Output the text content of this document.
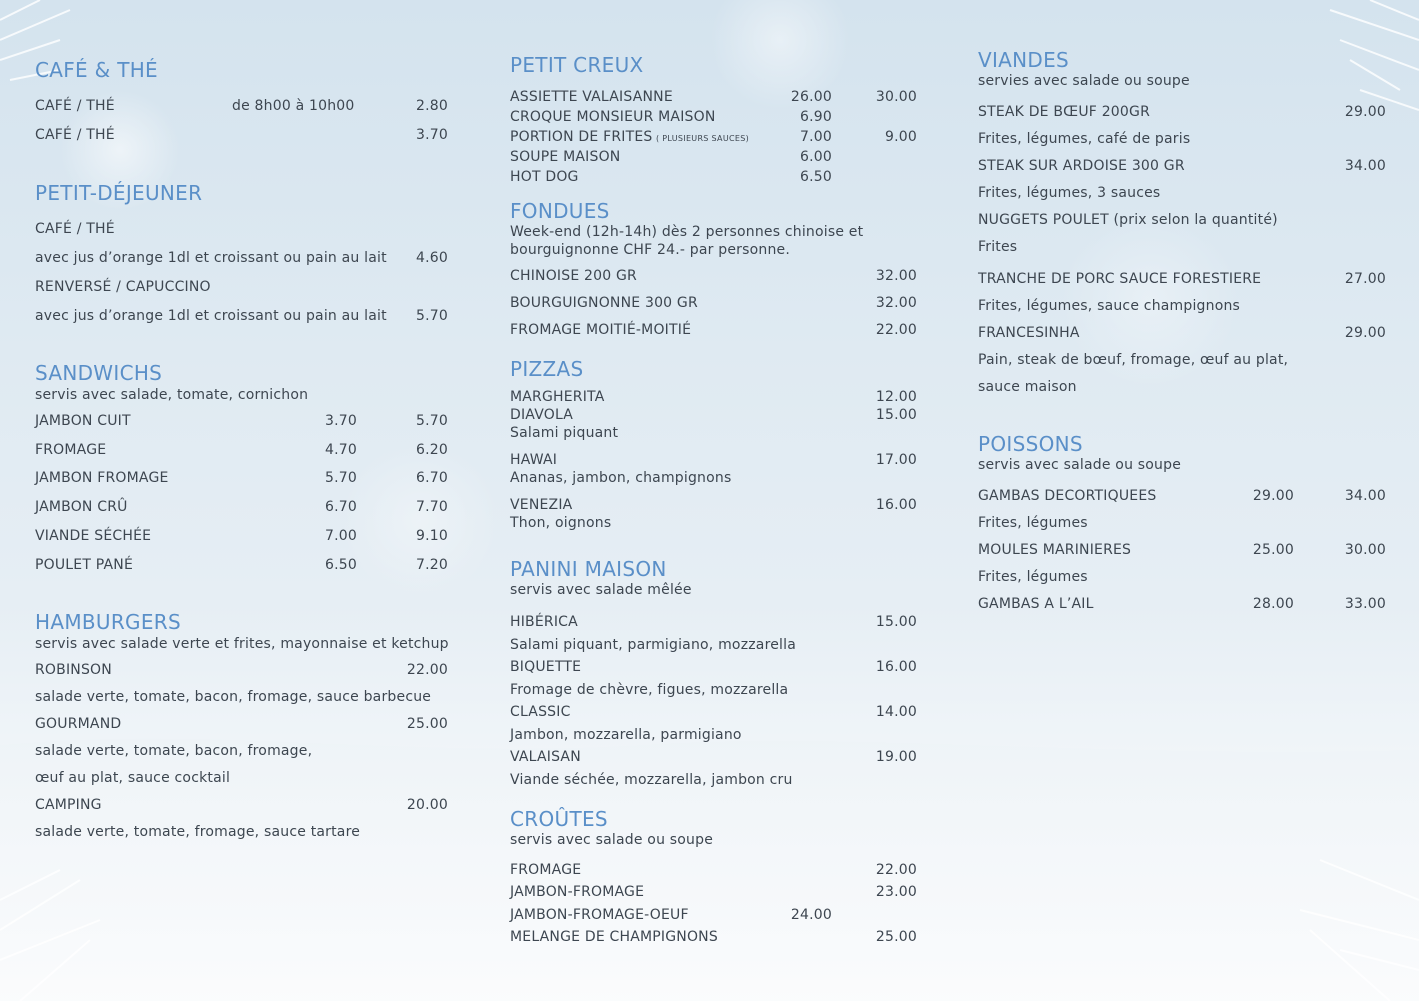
CAFÉ & THÉ
CAFÉ / THÉ	de 8h00 à 10h00	2.80
CAFÉ / THÉ	3.70
PETIT-DÉJEUNER
CAFÉ / THÉ
avec jus d’orange 1dl et croissant ou pain au lait	4.60
RENVERSÉ / CAPUCCINO
avec jus d’orange 1dl et croissant ou pain au lait	5.70
SANDWICHS
servis avec salade, tomate, cornichon
JAMBON CUIT	3.70	5.70
FROMAGE	4.70	6.20
JAMBON FROMAGE	5.70	6.70
JAMBON CRÛ	6.70	7.70
VIANDE SÉCHÉE	7.00	9.10
POULET PANÉ	6.50	7.20
HAMBURGERS
servis avec salade verte et frites, mayonnaise et ketchup
ROBINSON	22.00
salade verte, tomate, bacon, fromage, sauce barbecue
GOURMAND	25.00
salade verte, tomate, bacon, fromage,
œuf au plat, sauce cocktail
CAMPING	20.00
salade verte, tomate, fromage, sauce tartare
PETIT CREUX
ASSIETTE VALAISANNE	26.00	30.00
CROQUE MONSIEUR MAISON	6.90
PORTION DE FRITES ( PLUSIEURS SAUCES)	7.00	9.00
SOUPE MAISON	6.00
HOT DOG	6.50
FONDUES
Week-end (12h-14h) dès 2 personnes chinoise et
bourguignonne CHF 24.- par personne.
CHINOISE 200 GR	32.00
BOURGUIGNONNE 300 GR	32.00
FROMAGE MOITIÉ-MOITIÉ	22.00
PIZZAS
MARGHERITA	12.00
DIAVOLA	15.00
Salami piquant
HAWAI	17.00
Ananas, jambon, champignons
VENEZIA	16.00
Thon, oignons
PANINI MAISON
servis avec salade mêlée
HIBÉRICA	15.00
Salami piquant, parmigiano, mozzarella
BIQUETTE	16.00
Fromage de chèvre, figues, mozzarella
CLASSIC	14.00
Jambon, mozzarella, parmigiano
VALAISAN	19.00
Viande séchée, mozzarella, jambon cru
CROÛTES
servis avec salade ou soupe
FROMAGE	22.00
JAMBON-FROMAGE	23.00
JAMBON-FROMAGE-OEUF	24.00
MELANGE DE CHAMPIGNONS	25.00
VIANDES
servies avec salade ou soupe
STEAK DE BŒUF 200GR	29.00
Frites, légumes, café de paris
STEAK SUR ARDOISE 300 GR	34.00
Frites, légumes, 3 sauces
NUGGETS POULET (prix selon la quantité)
Frites
TRANCHE DE PORC SAUCE FORESTIERE	27.00
Frites, légumes, sauce champignons
FRANCESINHA	29.00
Pain, steak de bœuf, fromage, œuf au plat,
sauce maison
POISSONS
servis avec salade ou soupe
GAMBAS DECORTIQUEES	29.00	34.00
Frites, légumes
MOULES MARINIERES	25.00	30.00
Frites, légumes
GAMBAS A L’AIL	28.00	33.00
